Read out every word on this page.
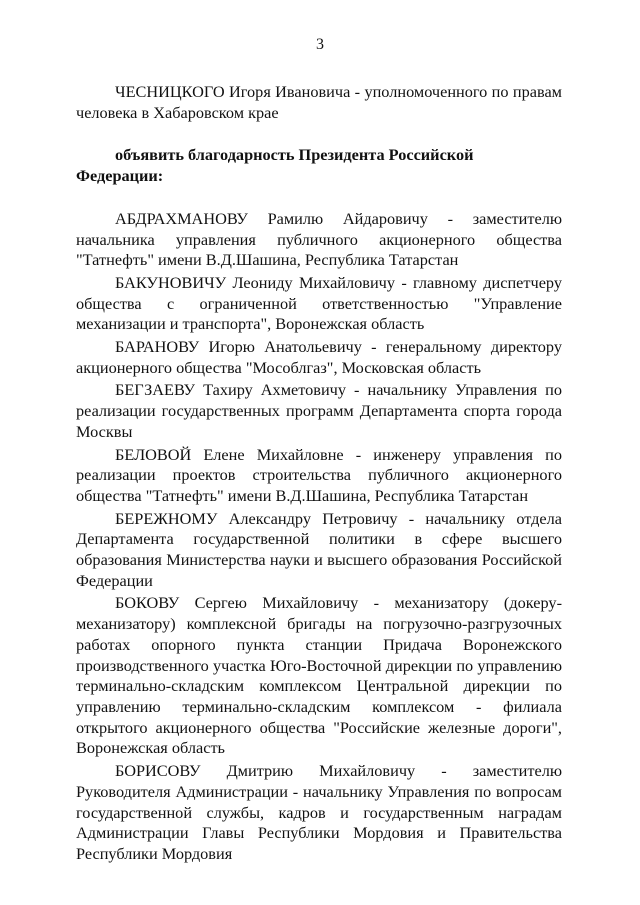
3

ЧЕСНИЦКОГО Игоря Ивановича - уполномоченного по правам человека в Хабаровском крае

объявить благодарность Президента Российской Федерации:

АБДРАХМАНОВУ Рамилю Айдаровичу - заместителю начальника управления публичного акционерного общества "Татнефть" имени В.Д.Шашина, Республика Татарстан

БАКУНОВИЧУ Леониду Михайловичу - главному диспетчеру общества с ограниченной ответственностью "Управление механизации и транспорта", Воронежская область

БАРАНОВУ Игорю Анатольевичу - генеральному директору акционерного общества "Мособлгаз", Московская область

БЕГЗАЕВУ Тахиру Ахметовичу - начальнику Управления по реализации государственных программ Департамента спорта города Москвы

БЕЛОВОЙ Елене Михайловне - инженеру управления по реализации проектов строительства публичного акционерного общества "Татнефть" имени В.Д.Шашина, Республика Татарстан

БЕРЕЖНОМУ Александру Петровичу - начальнику отдела Департамента государственной политики в сфере высшего образования Министерства науки и высшего образования Российской Федерации

БОКОВУ Сергею Михайловичу - механизатору (докеру-механизатору) комплексной бригады на погрузочно-разгрузочных работах опорного пункта станции Придача Воронежского производственного участка Юго-Восточной дирекции по управлению терминально-складским комплексом Центральной дирекции по управлению терминально-складским комплексом - филиала открытого акционерного общества "Российские железные дороги", Воронежская область

БОРИСОВУ Дмитрию Михайловичу - заместителю Руководителя Администрации - начальнику Управления по вопросам государственной службы, кадров и государственным наградам Администрации Главы Республики Мордовия и Правительства Республики Мордовия
